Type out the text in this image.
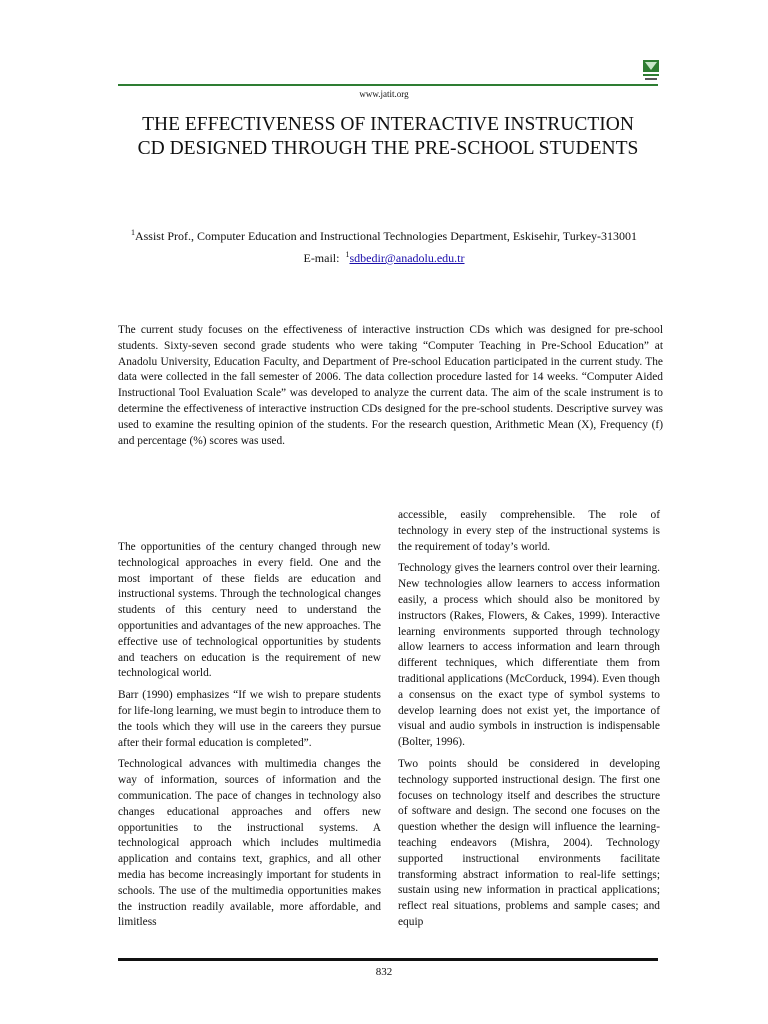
www.jatit.org
THE EFFECTIVENESS OF INTERACTIVE INSTRUCTION
CD DESIGNED THROUGH THE PRE-SCHOOL STUDENTS
$^1$Assist Prof., Computer Education and Instructional Technologies Department, Eskisehir, Turkey-313001
E-mail: $^1$sdbedir@anadolu.edu.tr

The current study focuses on the effectiveness of interactive instruction CDs which was designed for pre-school students. Sixty-seven second grade students who were taking “Computer Teaching in Pre-School Education” at Anadolu University, Education Faculty, and Department of Pre-school Education participated in the current study. The data were collected in the fall semester of 2006. The data collection procedure lasted for 14 weeks. “Computer Aided Instructional Tool Evaluation Scale” was developed to analyze the current data. The aim of the scale instrument is to determine the effectiveness of interactive instruction CDs designed for the pre-school students. Descriptive survey was used to examine the resulting opinion of the students. For the research question, Arithmetic Mean (X), Frequency (f) and percentage (%) scores was used.

The opportunities of the century changed through new technological approaches in every field. One and the most important of these fields are education and instructional systems. Through the technological changes students of this century need to understand the opportunities and advantages of the new approaches. The effective use of technological opportunities by students and teachers on education is the requirement of new technological world.

Barr (1990) emphasizes “If we wish to prepare students for life-long learning, we must begin to introduce them to the tools which they will use in the careers they pursue after their formal education is completed”.

Technological advances with multimedia changes the way of information, sources of information and the communication. The pace of changes in technology also changes educational approaches and offers new opportunities to the instructional systems. A technological approach which includes multimedia application and contains text, graphics, and all other media has become increasingly important for students in schools. The use of the multimedia opportunities makes the instruction readily available, more affordable, and limitless

accessible, easily comprehensible. The role of technology in every step of the instructional systems is the requirement of today’s world.

Technology gives the learners control over their learning. New technologies allow learners to access information easily, a process which should also be monitored by instructors (Rakes, Flowers, & Cakes, 1999). Interactive learning environments supported through technology allow learners to access information and learn through different techniques, which differentiate them from traditional applications (McCorduck, 1994). Even though a consensus on the exact type of symbol systems to develop learning does not exist yet, the importance of visual and audio symbols in instruction is indispensable (Bolter, 1996).

Two points should be considered in developing technology supported instructional design. The first one focuses on technology itself and describes the structure of software and design. The second one focuses on the question whether the design will influence the learning-teaching endeavors (Mishra, 2004). Technology supported instructional environments facilitate transforming abstract information to real-life settings; sustain using new information in practical applications; reflect real situations, problems and sample cases; and equip

832
